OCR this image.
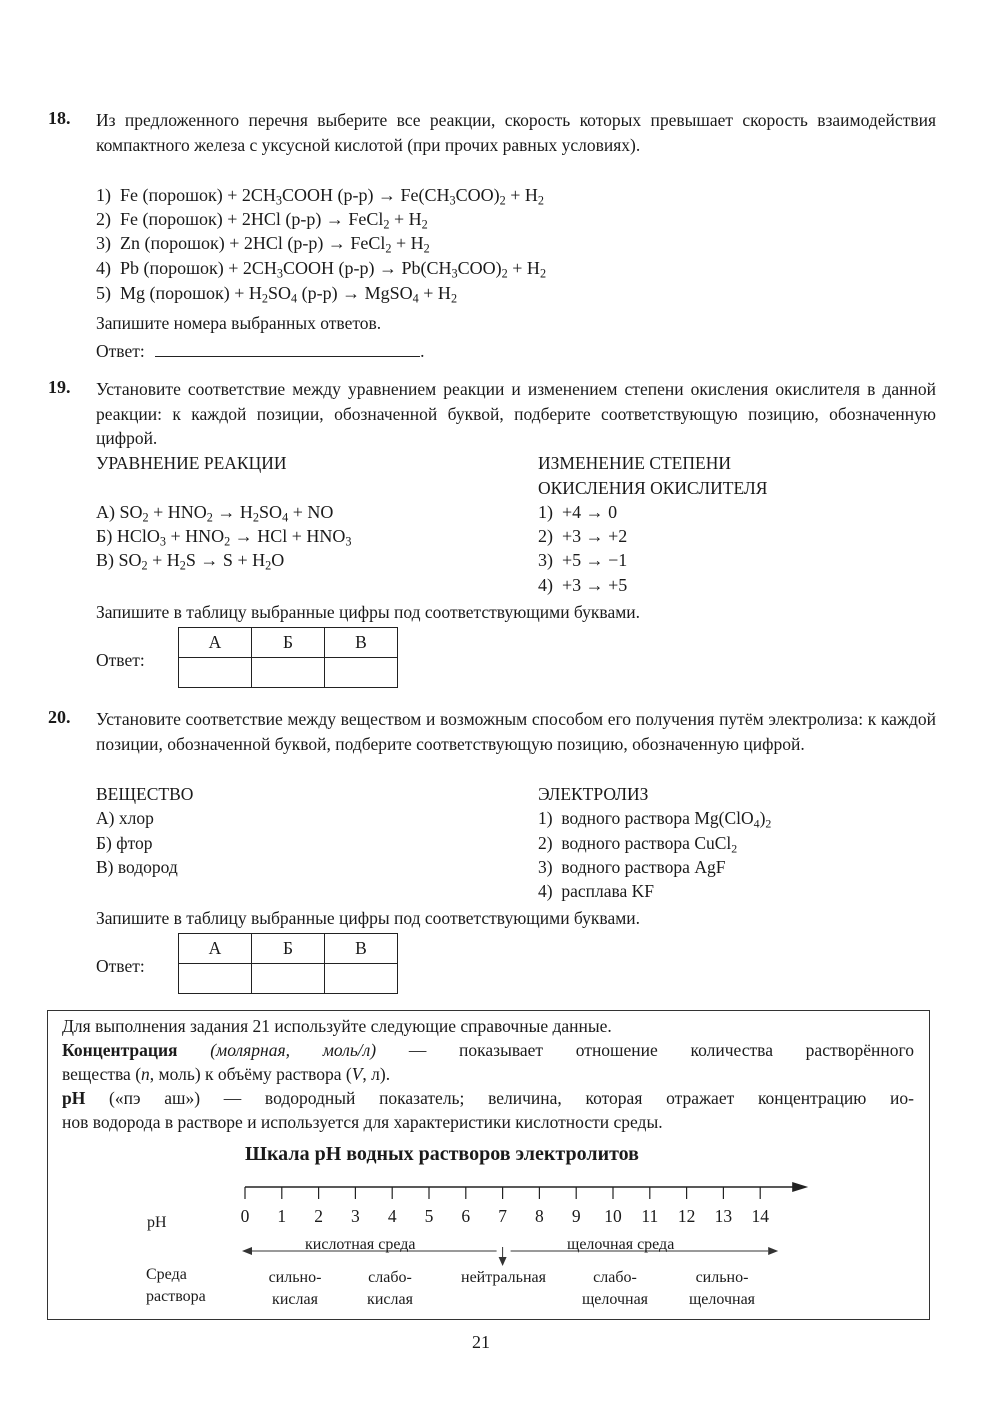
18. Из предложенного перечня выберите все реакции, скорость которых превышает скорость взаимодействия компактного железа с уксусной кислотой (при прочих равных условиях).
1) Fe (порошок) + $2CH_3COOH$ $(р-р) \to Fe(CH_3COO)_2 + H_2$
2) Fe (порошок) + 2HCl (р-р) → FeCl$_2$ + $H_2$
3) Zn (порошок) + 2HCl (р-р) → FeCl$_2$ + $H_2$
4) Pb (порошок) + $2CH_3COOH$ $(р-р) \to Pb(CH_3COO)_2 + H_2$
5) Mg (порошок) + $H_2SO_4$ (р-р) → MgSO$_4$ + $H_2$
Запишите номера выбранных ответов.
Ответ:	.
19. Установите соответствие между уравнением реакции и изменением степени окисления окислителя в данной реакции: к каждой позиции, обозначенной буквой, подберите соответствующую позицию, обозначенную цифрой.
УРАВНЕНИЕ РЕАКЦИИ	ИЗМЕНЕНИЕ СТЕПЕНИ
ОКИСЛЕНИЯ ОКИСЛИТЕЛЯ
А) $SO_2 + HNO_2 \to H_2SO_4$ + NO
Б) HClO$_3$ + $HNO_2$ → HCl + $HNO_3$
В) $SO_2 + H_2S \to S + H_2O$
1) +4 → 0
2) +3 → +2
3) +5 → −1
4) +3 → +5
Запишите в таблицу выбранные цифры под соответствующими буквами.
Ответ:
А	Б	В

20. Установите соответствие между веществом и возможным способом его получения путём электролиза: к каждой позиции, обозначенной буквой, подберите соответствующую позицию, обозначенную цифрой.
ВЕЩЕСТВО	ЭЛЕКТРОЛИЗ
А) хлор
Б) фтор
В) водород
1) водного раствора $Mg(ClO_4)_2$
2) водного раствора CuCl$_2$
3) водного раствора AgF
4) расплава KF
Запишите в таблицу выбранные цифры под соответствующими буквами.
Ответ:
А	Б	В

Для выполнения задания 21 используйте следующие справочные данные.
Концентрация (молярная, моль/л) — показывает отношение количества растворённого
вещества (n, моль) к объёму раствора (V, л).
pH («пэ аш») — водородный показатель; величина, которая отражает концентрацию ио-
нов водорода в растворе и используется для характеристики кислотности среды.
Шкала pH водных растворов электролитов
pH	0 1 2 3 4 5 6 7 8 9 10 11 12 13 14
кислотная среда	щелочная среда
Среда
раствора
сильно-
кислая
слабо-
кислая
нейтральная	слабо-
щелочная
сильно-
щелочная
21
